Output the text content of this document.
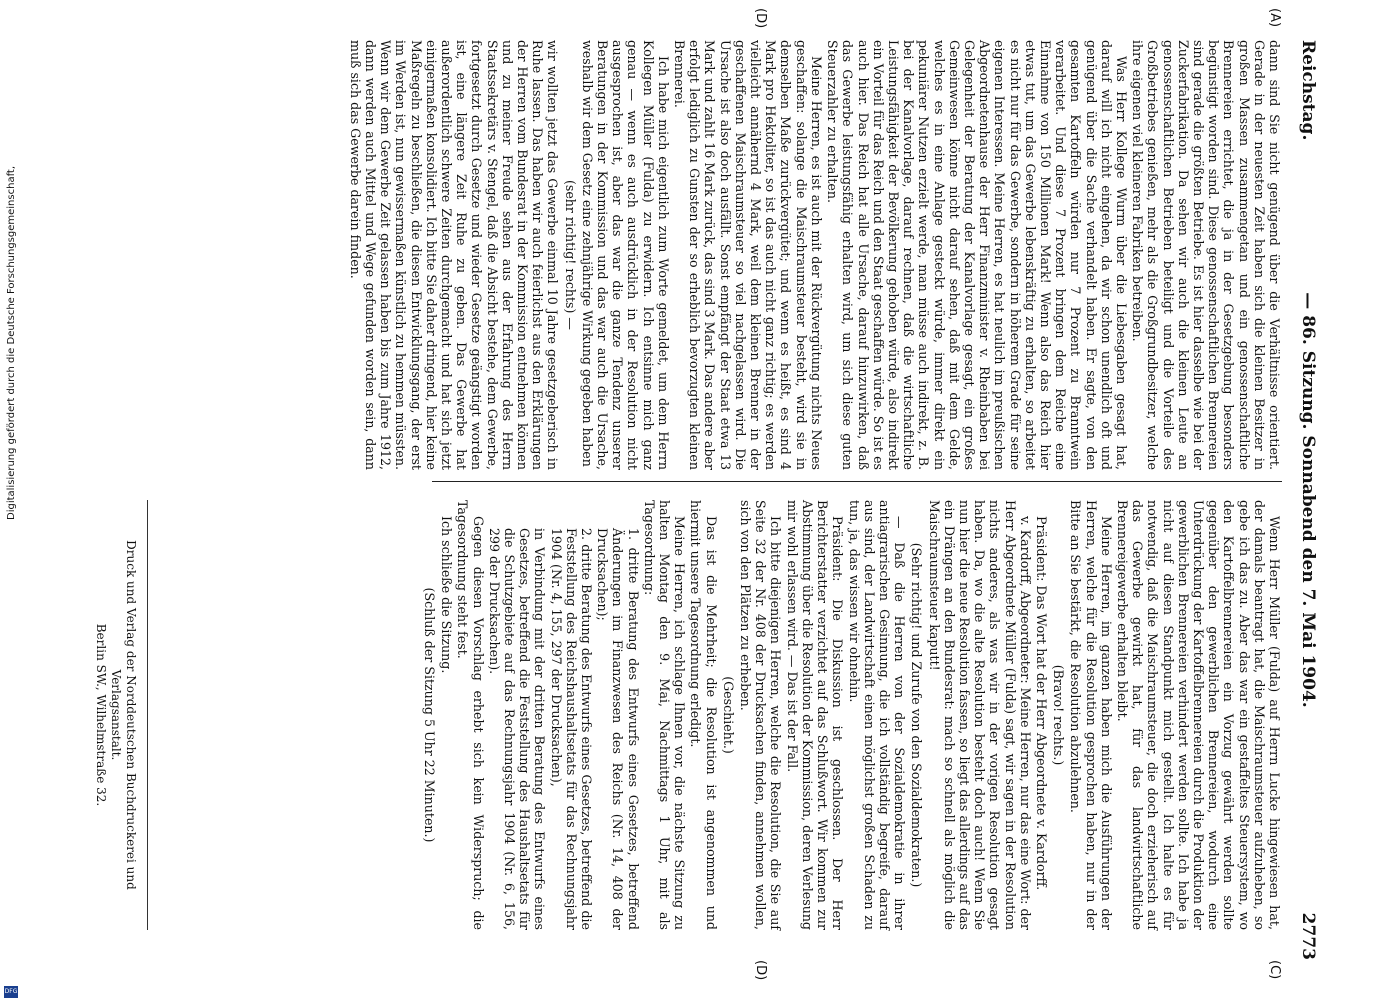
Reichstag.
— 86. Sitzung. Sonnabend den 7. Mai 1904.
2773
(A)
(D)
(C)
(D)

dann sind Sie nicht genügend über die Verhältnisse orientiert. Gerade in der neuesten Zeit haben sich die kleinen Besitzer in großen Massen zusammengetan und ein genossenschaftliche Brennereien errichtet, die ja in der Gesetzgebung besonders begünstigt worden sind. Diese genossenschaftlichen Brennereien sind gerade die größten Betriebe. Es ist hier dasselbe wie bei der Zuckerfabrikation. Da sehen wir auch die kleinen Leute an genossenschaftlichen Betrieben beteiligt und die Vorteile des Großbetriebes genießen, mehr als die Großgrundbesitzer, welche ihre eigenen viel kleineren Fabriken betreiben.

Was Herr Kollege Wurm über die Liebesgaben gesagt hat, darauf will ich nicht eingehen, da wir schon unendlich oft und genügend über die Sache verhandelt haben. Er sagte, von den gesamten Kartoffeln würden nur 7 Prozent zu Branntwein verarbeitet. Und diese 7 Prozent bringen dem Reiche eine Einnahme von 150 Millionen Mark! Wenn also das Reich hier etwas tut, um das Gewerbe lebenskräftig zu erhalten, so arbeitet es nicht nur für das Gewerbe, sondern in höherem Grade für seine eigenen Interessen. Meine Herren, es hat neulich im preußischen Abgeordnetenhause der Herr Finanzminister v. Rheinbaben bei Gelegenheit der Beratung der Kanalvorlage gesagt, ein großes Gemeinwesen könne nicht darauf sehen, daß mit dem Gelde, welches es in eine Anlage gesteckt würde, immer direkt ein pekuniärer Nutzen erzielt werde, man müsse auch indirekt, z. B. bei der Kanalvorlage, darauf rechnen, daß die wirtschaftliche Leistungsfähigkeit der Bevölkerung gehoben würde, also indirekt ein Vorteil für das Reich und den Staat geschaffen würde. So ist es auch hier. Das Reich hat alle Ursache, darauf hinzuwirken, daß das Gewerbe leistungsfähig erhalten wird, um sich diese guten Steuerzahler zu erhalten.

Meine Herren, es ist auch mit der Rückvergütung nichts Neues geschaffen: solange die Maischraumsteuer besteht, wird sie in demselben Maße zurückvergütet; und wenn es heißt, es sind 4 Mark pro Hektoliter, so ist das auch nicht ganz richtig; es werden vielleicht annähernd 4 Mark, weil dem kleinen Brenner in der geschaffenen Maischraumsteuer so viel nachgelassen wird. Die Ursache ist also doch ausfällt. Sonst empfängt der Staat etwa 13 Mark und zahlt 16 Mark zurück, das sind 3 Mark. Das andere aber erfolgt lediglich zu Gunsten der so erheblich bevorzugten kleinen Brennerei.

Ich habe mich eigentlich zum Worte gemeldet, um dem Herrn Kollegen Müller (Fulda) zu erwidern. Ich entsinne mich ganz genau — wenn es auch ausdrücklich in der Resolution nicht ausgesprochen ist, aber das war die ganze Tendenz unserer Beratungen in der Kommission und das war auch die Ursache, weshalb wir dem Gesetz eine zehnjährige Wirkung gegeben haben

(sehr richtig! rechts) —

wir wollten jetzt das Gewerbe einmal 10 Jahre gesetzgeberisch in Ruhe lassen. Das haben wir auch feierlichst aus den Erklärungen der Herren vom Bundesrat in der Kommission entnehmen können und zu meiner Freude sehen aus der Erfahrung des Herrn Staatssekretärs v. Stengel, daß die Absicht bestehe, dem Gewerbe, fortgesetzt durch Gesetze und wieder Gesetze geängstigt worden ist, eine längere Zeit Ruhe zu geben. Das Gewerbe hat außerordentlich schwere Zeiten durchgemacht und hat sich jetzt einigermaßen konsolidiert. Ich bitte Sie daher dringend, hier keine Maßregeln zu beschließen, die diesen Entwicklungsgang, der erst im Werden ist, nun gewissermaßen künstlich zu hemmen müssten. Wenn wir dem Gewerbe Zeit gelassen haben bis zum Jahre 1912, dann werden auch Mittel und Wege gefunden worden sein, dann muß sich das Gewerbe darein finden.

Wenn Herr Müller (Fulda) auf Herrn Lucke hingewiesen hat, der damals beantragt hat, die Maischraumsteuer aufzuheben, so gebe ich das zu. Aber das war ein gestaffeltes Steuersystem, wo den Kartoffelbrennereien ein Vorzug gewährt werden sollte gegenüber den gewerblichen Brennereien, wodurch eine Unterdrückung der Kartoffelbrennereien durch die Produktion der gewerblichen Brennereien verhindert werden sollte. Ich habe ja nicht auf diesen Standpunkt mich gestellt. Ich halte es für notwendig, daß die Maischraumsteuer, die doch erzieherisch auf das Gewerbe gewirkt hat, für das landwirtschaftliche Brennereigewerbe erhalten bleibt.

Meine Herren, im ganzen haben mich die Ausführungen der Herren, welche für die Resolution gesprochen haben, nur in der Bitte an Sie bestärkt, die Resolution abzulehnen.

(Bravo! rechts.)

Präsident: Das Wort hat der Herr Abgeordnete v. Kardorff.

v. Kardorff, Abgeordneter: Meine Herren, nur das eine Wort: der Herr Abgeordnete Müller (Fulda) sagt, wir sagen in der Resolution nichts anderes, als was wir in der vorigen Resolution gesagt haben. Da, wo die alte Resolution besteht doch auch! Wenn Sie nun hier die neue Resolution fassen, so liegt das allerdings auf das ein Drängen an den Bundesrat: mach so schnell als möglich die Maischraumsteuer kaputt!

(Sehr richtig! und Zurufe von den Sozialdemokraten.)

— Daß die Herren von der Sozialdemokratie in ihrer antiagrarischen Gesinnung, die ich vollständig begreife, darauf aus sind, der Landwirtschaft einen möglichst großen Schaden zu tun, ja, das wissen wir ohnehin.

Präsident: Die Diskussion ist geschlossen. Der Herr Berichterstatter verzichtet auf das Schlußwort. Wir kommen zur Abstimmung über die Resolution der Kommission, deren Verlesung mir wohl erlassen wird. — Das ist der Fall.

Ich bitte diejenigen Herren, welche die Resolution, die Sie auf Seite 32 der Nr. 408 der Drucksachen finden, annehmen wollen, sich von den Plätzen zu erheben.

(Geschieht.)

Das ist die Mehrheit; die Resolution ist angenommen und hiermit unsere Tagesordnung erledigt.

Meine Herren, ich schlage Ihnen vor, die nächste Sitzung zu halten Montag den 9. Mai, Nachmittags 1 Uhr, mit als Tagesordnung:

1. dritte Beratung des Entwurfs eines Gesetzes, betreffend Änderungen im Finanzwesen des Reichs (Nr. 14, 408 der Drucksachen);

2. dritte Beratung des Entwurfs eines Gesetzes, betreffend die Feststellung des Reichshaushaltsetats für das Rechnungsjahr 1904 (Nr. 4, 155, 297 der Drucksachen),

in Verbindung mit der dritten Beratung des Entwurfs eines Gesetzes, betreffend die Feststellung des Haushaltsetats für die Schutzgebiete auf das Rechnungsjahr 1904 (Nr. 6, 156, 299 der Drucksachen).

Gegen diesen Vorschlag erhebt sich kein Widerspruch; die Tagesordnung steht fest.

Ich schließe die Sitzung.

(Schluß der Sitzung 5 Uhr 22 Minuten.)

Druck und Verlag der Norddeutschen Buchdruckerei und Verlagsanstalt.
Berlin SW., Wilhelmstraße 32.
Digitalisierung gefördert durch die Deutsche Forschungsgemeinschaft,
DFG
